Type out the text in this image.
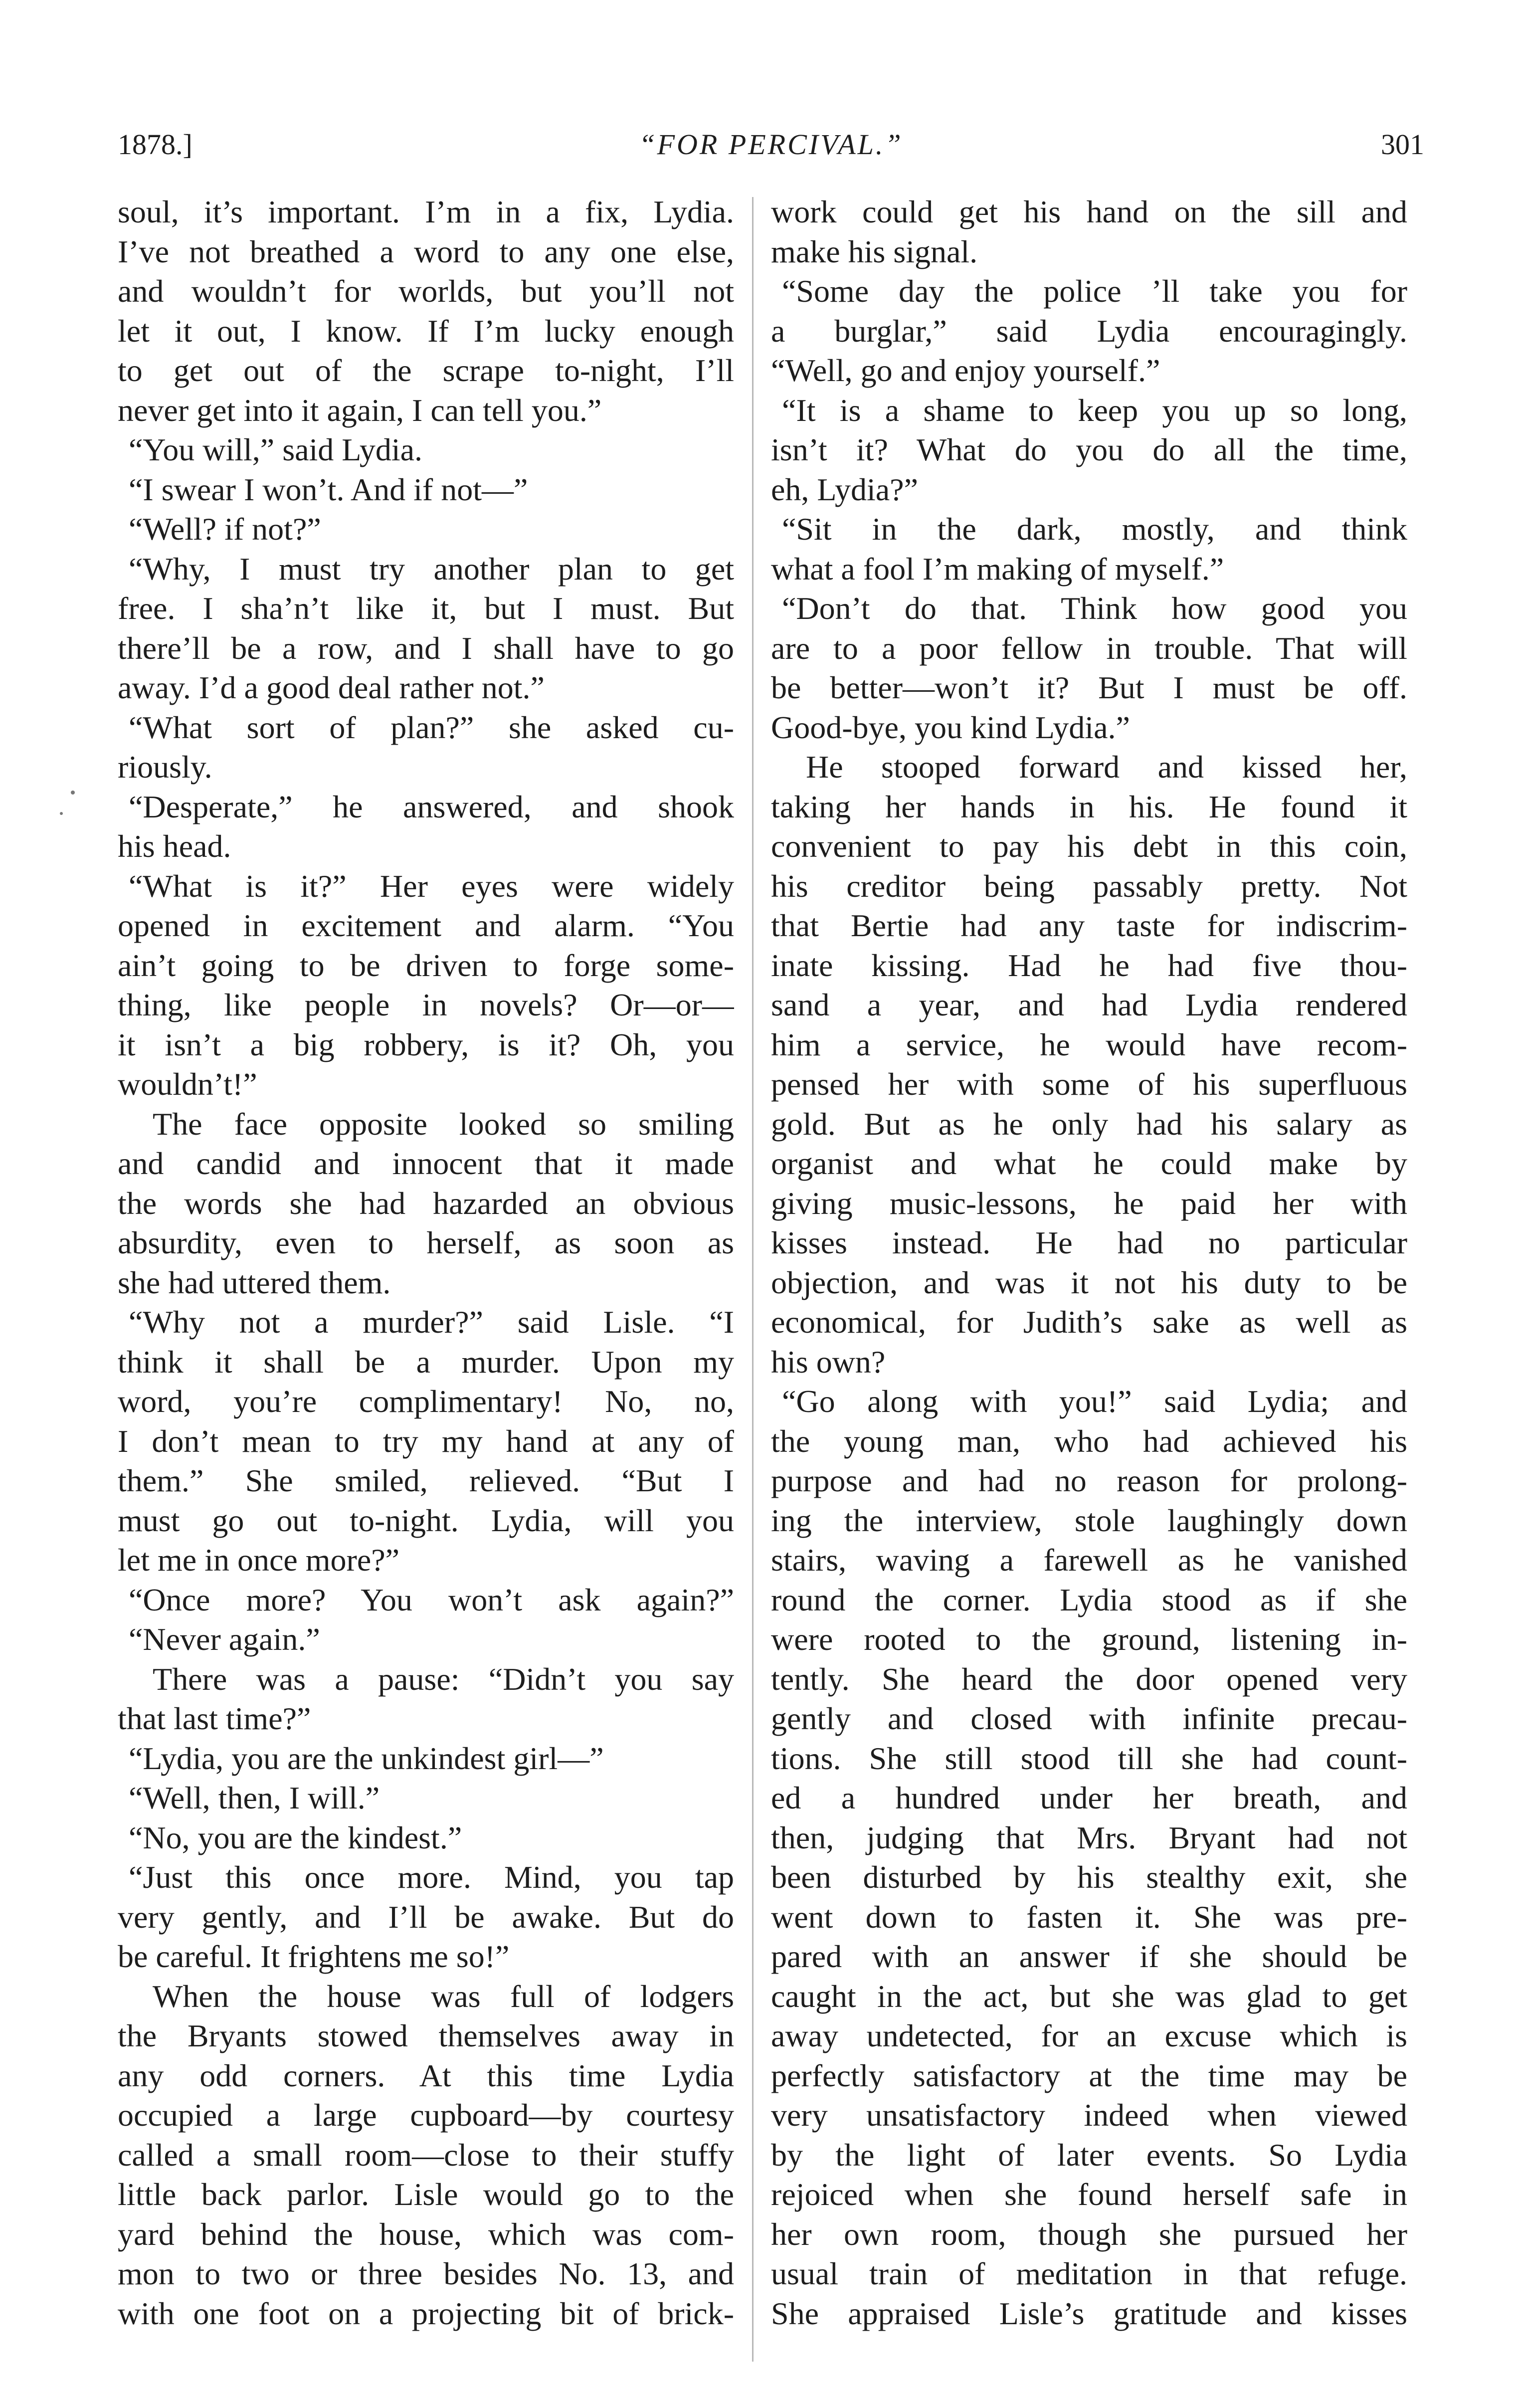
1878.]	“FOR PERCIVAL.”	301
soul, it’s important. I’m in a fix, Lydia.
I’ve not breathed a word to any one else,
and wouldn’t for worlds, but you’ll not
let it out, I know. If I’m lucky enough
to get out of the scrape to-night, I’ll
never get into it again, I can tell you.”
“You will,” said Lydia.
“I swear I won’t. And if not—”
“Well? if not?”
“Why, I must try another plan to get
free. I sha’n’t like it, but I must. But
there’ll be a row, and I shall have to go
away. I’d a good deal rather not.”
“What sort of plan?” she asked cu-
riously.
“Desperate,” he answered, and shook
his head.
“What is it?” Her eyes were widely
opened in excitement and alarm. “You
ain’t going to be driven to forge some-
thing, like people in novels? Or—or—
it isn’t a big robbery, is it? Oh, you
wouldn’t!”
The face opposite looked so smiling
and candid and innocent that it made
the words she had hazarded an obvious
absurdity, even to herself, as soon as
she had uttered them.
“Why not a murder?” said Lisle. “I
think it shall be a murder. Upon my
word, you’re complimentary! No, no,
I don’t mean to try my hand at any of
them.” She smiled, relieved. “But I
must go out to-night. Lydia, will you
let me in once more?”
“Once more? You won’t ask again?”
“Never again.”
There was a pause: “Didn’t you say
that last time?”
“Lydia, you are the unkindest girl—”
“Well, then, I will.”
“No, you are the kindest.”
“Just this once more. Mind, you tap
very gently, and I’ll be awake. But do
be careful. It frightens me so!”
When the house was full of lodgers
the Bryants stowed themselves away in
any odd corners. At this time Lydia
occupied a large cupboard—by courtesy
called a small room—close to their stuffy
little back parlor. Lisle would go to the
yard behind the house, which was com-
mon to two or three besides No. 13, and
with one foot on a projecting bit of brick-
work could get his hand on the sill and
make his signal.
“Some day the police ’ll take you for
a burglar,” said Lydia encouragingly.
“Well, go and enjoy yourself.”
“It is a shame to keep you up so long,
isn’t it? What do you do all the time,
eh, Lydia?”
“Sit in the dark, mostly, and think
what a fool I’m making of myself.”
“Don’t do that. Think how good you
are to a poor fellow in trouble. That will
be better—won’t it? But I must be off.
Good-bye, you kind Lydia.”
He stooped forward and kissed her,
taking her hands in his. He found it
convenient to pay his debt in this coin,
his creditor being passably pretty. Not
that Bertie had any taste for indiscrim-
inate kissing. Had he had five thou-
sand a year, and had Lydia rendered
him a service, he would have recom-
pensed her with some of his superfluous
gold. But as he only had his salary as
organist and what he could make by
giving music-lessons, he paid her with
kisses instead. He had no particular
objection, and was it not his duty to be
economical, for Judith’s sake as well as
his own?
“Go along with you!” said Lydia; and
the young man, who had achieved his
purpose and had no reason for prolong-
ing the interview, stole laughingly down
stairs, waving a farewell as he vanished
round the corner. Lydia stood as if she
were rooted to the ground, listening in-
tently. She heard the door opened very
gently and closed with infinite precau-
tions. She still stood till she had count-
ed a hundred under her breath, and
then, judging that Mrs. Bryant had not
been disturbed by his stealthy exit, she
went down to fasten it. She was pre-
pared with an answer if she should be
caught in the act, but she was glad to get
away undetected, for an excuse which is
perfectly satisfactory at the time may be
very unsatisfactory indeed when viewed
by the light of later events. So Lydia
rejoiced when she found herself safe in
her own room, though she pursued her
usual train of meditation in that refuge.
She appraised Lisle’s gratitude and kisses
